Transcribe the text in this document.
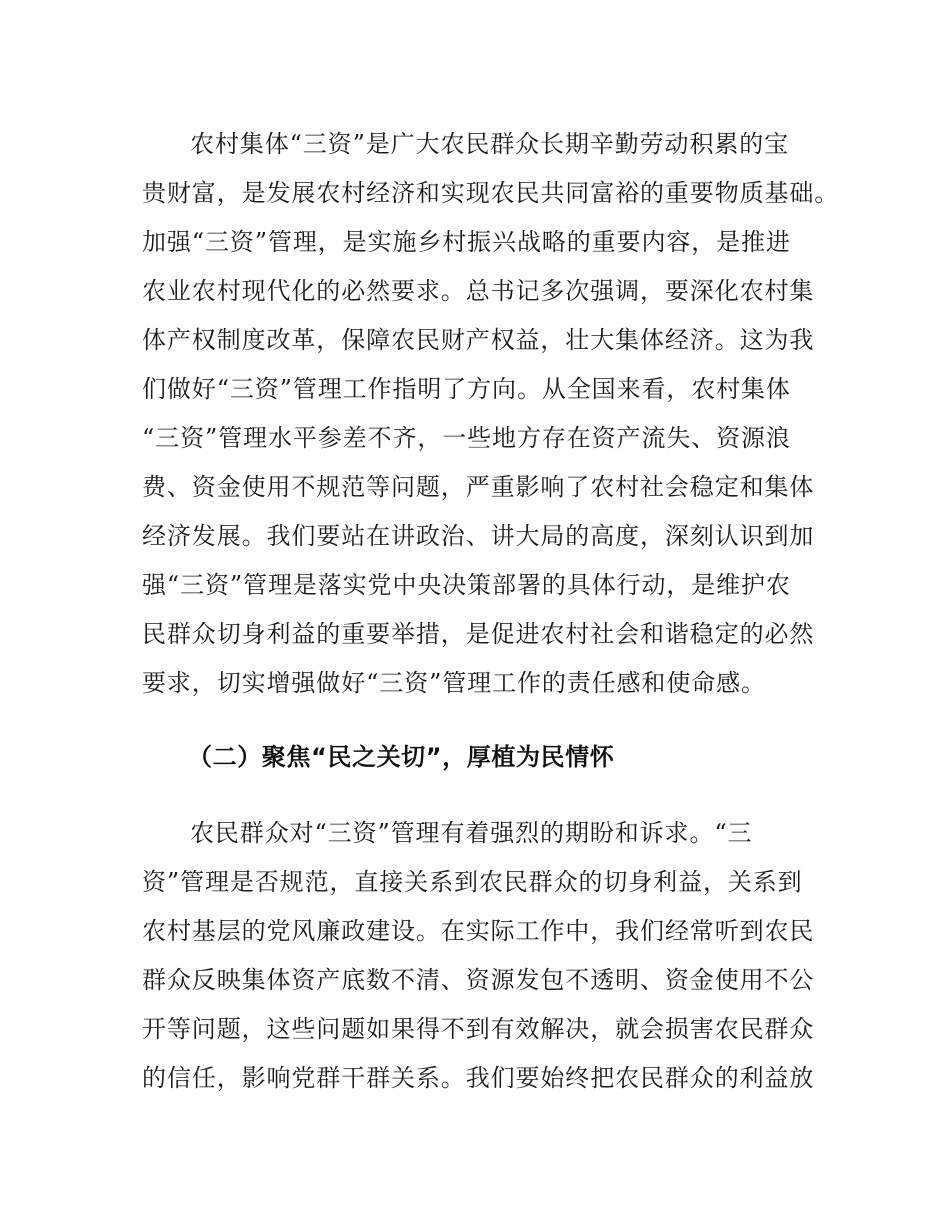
农村集体“三资”是广大农民群众长期辛勤劳动积累的宝
贵财富，是发展农村经济和实现农民共同富裕的重要物质基础。
加强“三资”管理，是实施乡村振兴战略的重要内容，是推进
农业农村现代化的必然要求。总书记多次强调，要深化农村集
体产权制度改革，保障农民财产权益，壮大集体经济。这为我
们做好“三资”管理工作指明了方向。从全国来看，农村集体
“三资”管理水平参差不齐，一些地方存在资产流失、资源浪
费、资金使用不规范等问题，严重影响了农村社会稳定和集体
经济发展。我们要站在讲政治、讲大局的高度，深刻认识到加
强“三资”管理是落实党中央决策部署的具体行动，是维护农
民群众切身利益的重要举措，是促进农村社会和谐稳定的必然
要求，切实增强做好“三资”管理工作的责任感和使命感。
（二）聚焦“民之关切”，厚植为民情怀
农民群众对“三资”管理有着强烈的期盼和诉求。“三
资”管理是否规范，直接关系到农民群众的切身利益，关系到
农村基层的党风廉政建设。在实际工作中，我们经常听到农民
群众反映集体资产底数不清、资源发包不透明、资金使用不公
开等问题，这些问题如果得不到有效解决，就会损害农民群众
的信任，影响党群干群关系。我们要始终把农民群众的利益放
